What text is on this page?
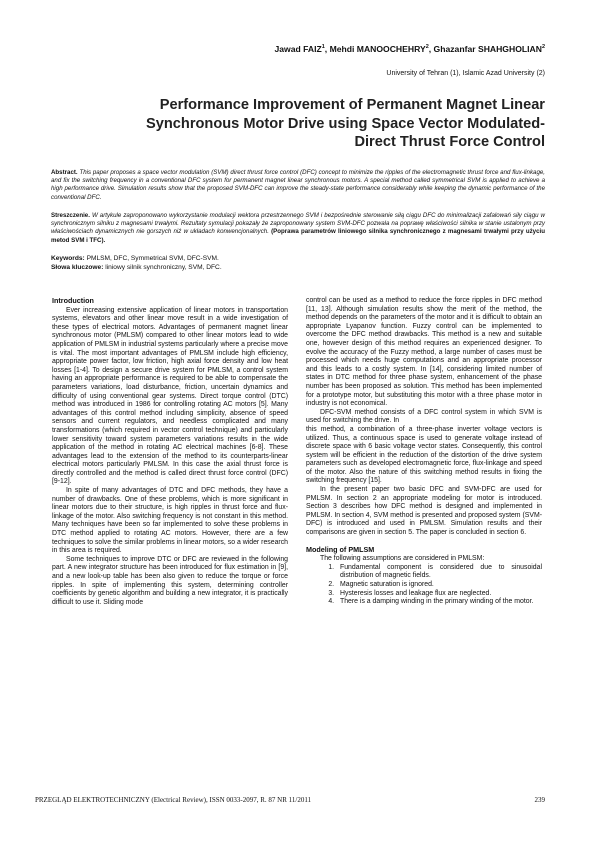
Jawad FAIZ$^1$, Mehdi MANOOCHEHRY$^2$, Ghazanfar SHAHGHOLIAN$^2$
University of Tehran (1), Islamic Azad University (2)
Performance Improvement of Permanent Magnet Linear Synchronous Motor Drive using Space Vector Modulated-Direct Thrust Force Control
Abstract. This paper proposes a space vector modulation (SVM) direct thrust force control (DFC) concept to minimize the ripples of the electromagnetic thrust force and flux-linkage, and fix the switching frequency in a conventional DFC system for permanent magnet linear synchronous motors. A special method called symmetrical SVM is applied to achieve a high performance drive. Simulation results show that the proposed SVM-DFC can improve the steady-state performance considerably while keeping the dynamic performance of the conventional DFC.
Streszczenie. W artykule zaproponowano wykorzystanie modulacji wektora przestrzennego SVM i bezpośrednie sterowanie siłą ciągu DFC do minimalizacji zafalowań siły ciągu w synchronicznym silniku z magnesami trwałymi. Rezultaty symulacji pokazały że zaproponowany system SVM-DFC pozwala na poprawę właściwości silnika w stanie ustalonym przy właściwościach dynamicznych nie gorszych niż w układach konwencjonalnych. (Poprawa parametrów liniowego silnika synchronicznego z magnesami trwałymi przy użyciu metod SVM i TFC).
Keywords: PMLSM, DFC, Symmetrical SVM, DFC-SVM.
Słowa kluczowe: liniowy silnik synchroniczny, SVM, DFC.
Introduction

Ever increasing extensive application of linear motors in transportation systems, elevators and other linear move result in a wide investigation of these types of electrical motors. Advantages of permanent magnet linear synchronous motor (PMLSM) compared to other linear motors lead to wide application of PMLSM in industrial systems particularly where a precise move is vital. The most important advantages of PMLSM include high efficiency, appropriate power factor, low friction, high axial force density and low heat losses [1-4]. To design a secure drive system for PMLSM, a control system having an appropriate performance is required to be able to compensate the parameters variations, load disturbance, friction, uncertain dynamics and difficulty of using conventional gear systems. Direct torque control (DTC) method was introduced in 1986 for controlling rotating AC motors [5]. Many advantages of this control method including simplicity, absence of speed sensors and current regulators, and needless complicated and many transformations (which required in vector control technique) and particularly lower sensitivity toward system parameters variations results in the wide application of the method in rotating AC electrical machines [6-8]. These advantages lead to the extension of the method to its counterparts-linear electrical motors particularly PMLSM. In this case the axial thrust force is directly controlled and the method is called direct thrust force control (DFC) [9-12].

In spite of many advantages of DTC and DFC methods, they have a number of drawbacks. One of these problems, which is more significant in linear motors due to their structure, is high ripples in thrust force and flux-linkage of the motor. Also switching frequency is not constant in this method. Many techniques have been so far implemented to solve these problems in DTC method applied to rotating AC motors. However, there are a few techniques to solve the similar problems in linear motors, so a wider research in this area is required.

Some techniques to improve DTC or DFC are reviewed in the following part. A new integrator structure has been introduced for flux estimation in [9], and a new look-up table has been also given to reduce the torque or force ripples. In spite of implementing this system, determining controller coefficients by genetic algorithm and building a new integrator, it is practically difficult to use it. Sliding mode

control can be used as a method to reduce the force ripples in DFC method [11, 13]. Although simulation results show the merit of the method, the method depends on the parameters of the motor and it is difficult to obtain an appropriate Lyapanov function. Fuzzy control can be implemented to overcome the DFC method drawbacks. This method is a new and suitable one, however design of this method requires an experienced designer. To evolve the accuracy of the Fuzzy method, a large number of cases must be processed which needs huge computations and an appropriate processor and this leads to a costly system. In [14], considering limited number of states in DTC method for three phase system, enhancement of the phase number has been proposed as solution. This method has been implemented for a prototype motor, but substituting this motor with a three phase motor in industry is not economical.

DFC-SVM method consists of a DFC control system in which SVM is used for switching the drive. In

this method, a combination of a three-phase inverter voltage vectors is utilized. Thus, a continuous space is used to generate voltage instead of discrete space with 6 basic voltage vector states. Consequently, this control system will be efficient in the reduction of the distortion of the drive system parameters such as developed electromagnetic force, flux-linkage and speed of the motor. Also the nature of this switching method results in fixing the switching frequency [15].

In the present paper two basic DFC and SVM-DFC are used for PMLSM. In section 2 an appropriate modeling for motor is introduced. Section 3 describes how DFC method is designed and implemented in PMLSM. In section 4, SVM method is presented and proposed system (SVM-DFC) is introduced and used in PMLSM. Simulation results and their comparisons are given in section 5. The paper is concluded in section 6.

Modeling of PMLSM

The following assumptions are considered in PMLSM:

1. Fundamental component is considered due to sinusoidal distribution of magnetic fields.
2. Magnetic saturation is ignored.
3. Hysteresis losses and leakage flux are neglected.
4. There is a damping winding in the primary winding of the motor.
PRZEGLĄD ELEKTROTECHNICZNY (Electrical Review), ISSN 0033-2097, R. 87 NR 11/2011	239
